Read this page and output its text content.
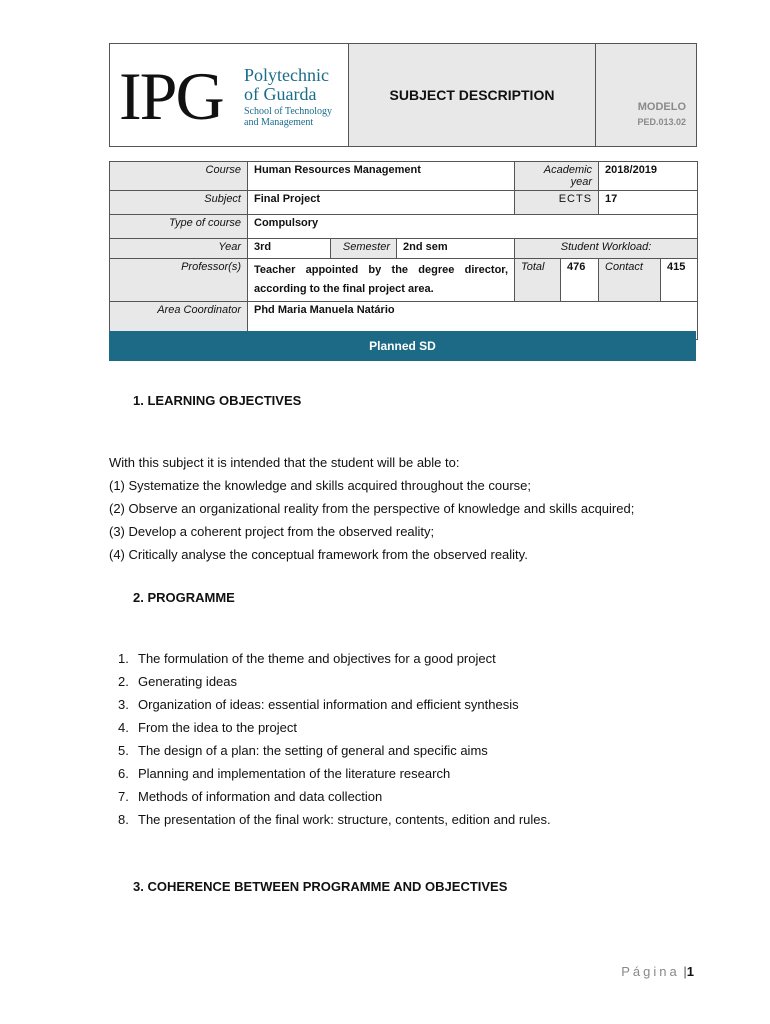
IPG Polytechnic
of Guarda
School of Technology
and Management
SUBJECT DESCRIPTION
MODELO
PED.013.02
Course	Human Resources Management			Academic year		2018/2019	
Subject	Final Project			ECTS		17	
Type of course	Compulsory						
Year	3rd	Semester	2nd sem	Student Workload:			
Professor(s)	Teacher appointed by the degree director, according to the final project area.			Total	476	Contact	415
Area Coordinator	Phd Maria Manuela Natário						
Planned SD
1. LEARNING OBJECTIVES
With this subject it is intended that the student will be able to:
(1) Systematize the knowledge and skills acquired throughout the course;
(2) Observe an organizational reality from the perspective of knowledge and skills acquired;
(3) Develop a coherent project from the observed reality;
(4) Critically analyse the conceptual framework from the observed reality.
2. PROGRAMME
1. The formulation of the theme and objectives for a good project
2. Generating ideas
3. Organization of ideas: essential information and efficient synthesis
4. From the idea to the project
5. The design of a plan: the setting of general and specific aims
6. Planning and implementation of the literature research
7. Methods of information and data collection
8. The presentation of the final work: structure, contents, edition and rules.
3. COHERENCE BETWEEN PROGRAMME AND OBJECTIVES
Página |1
